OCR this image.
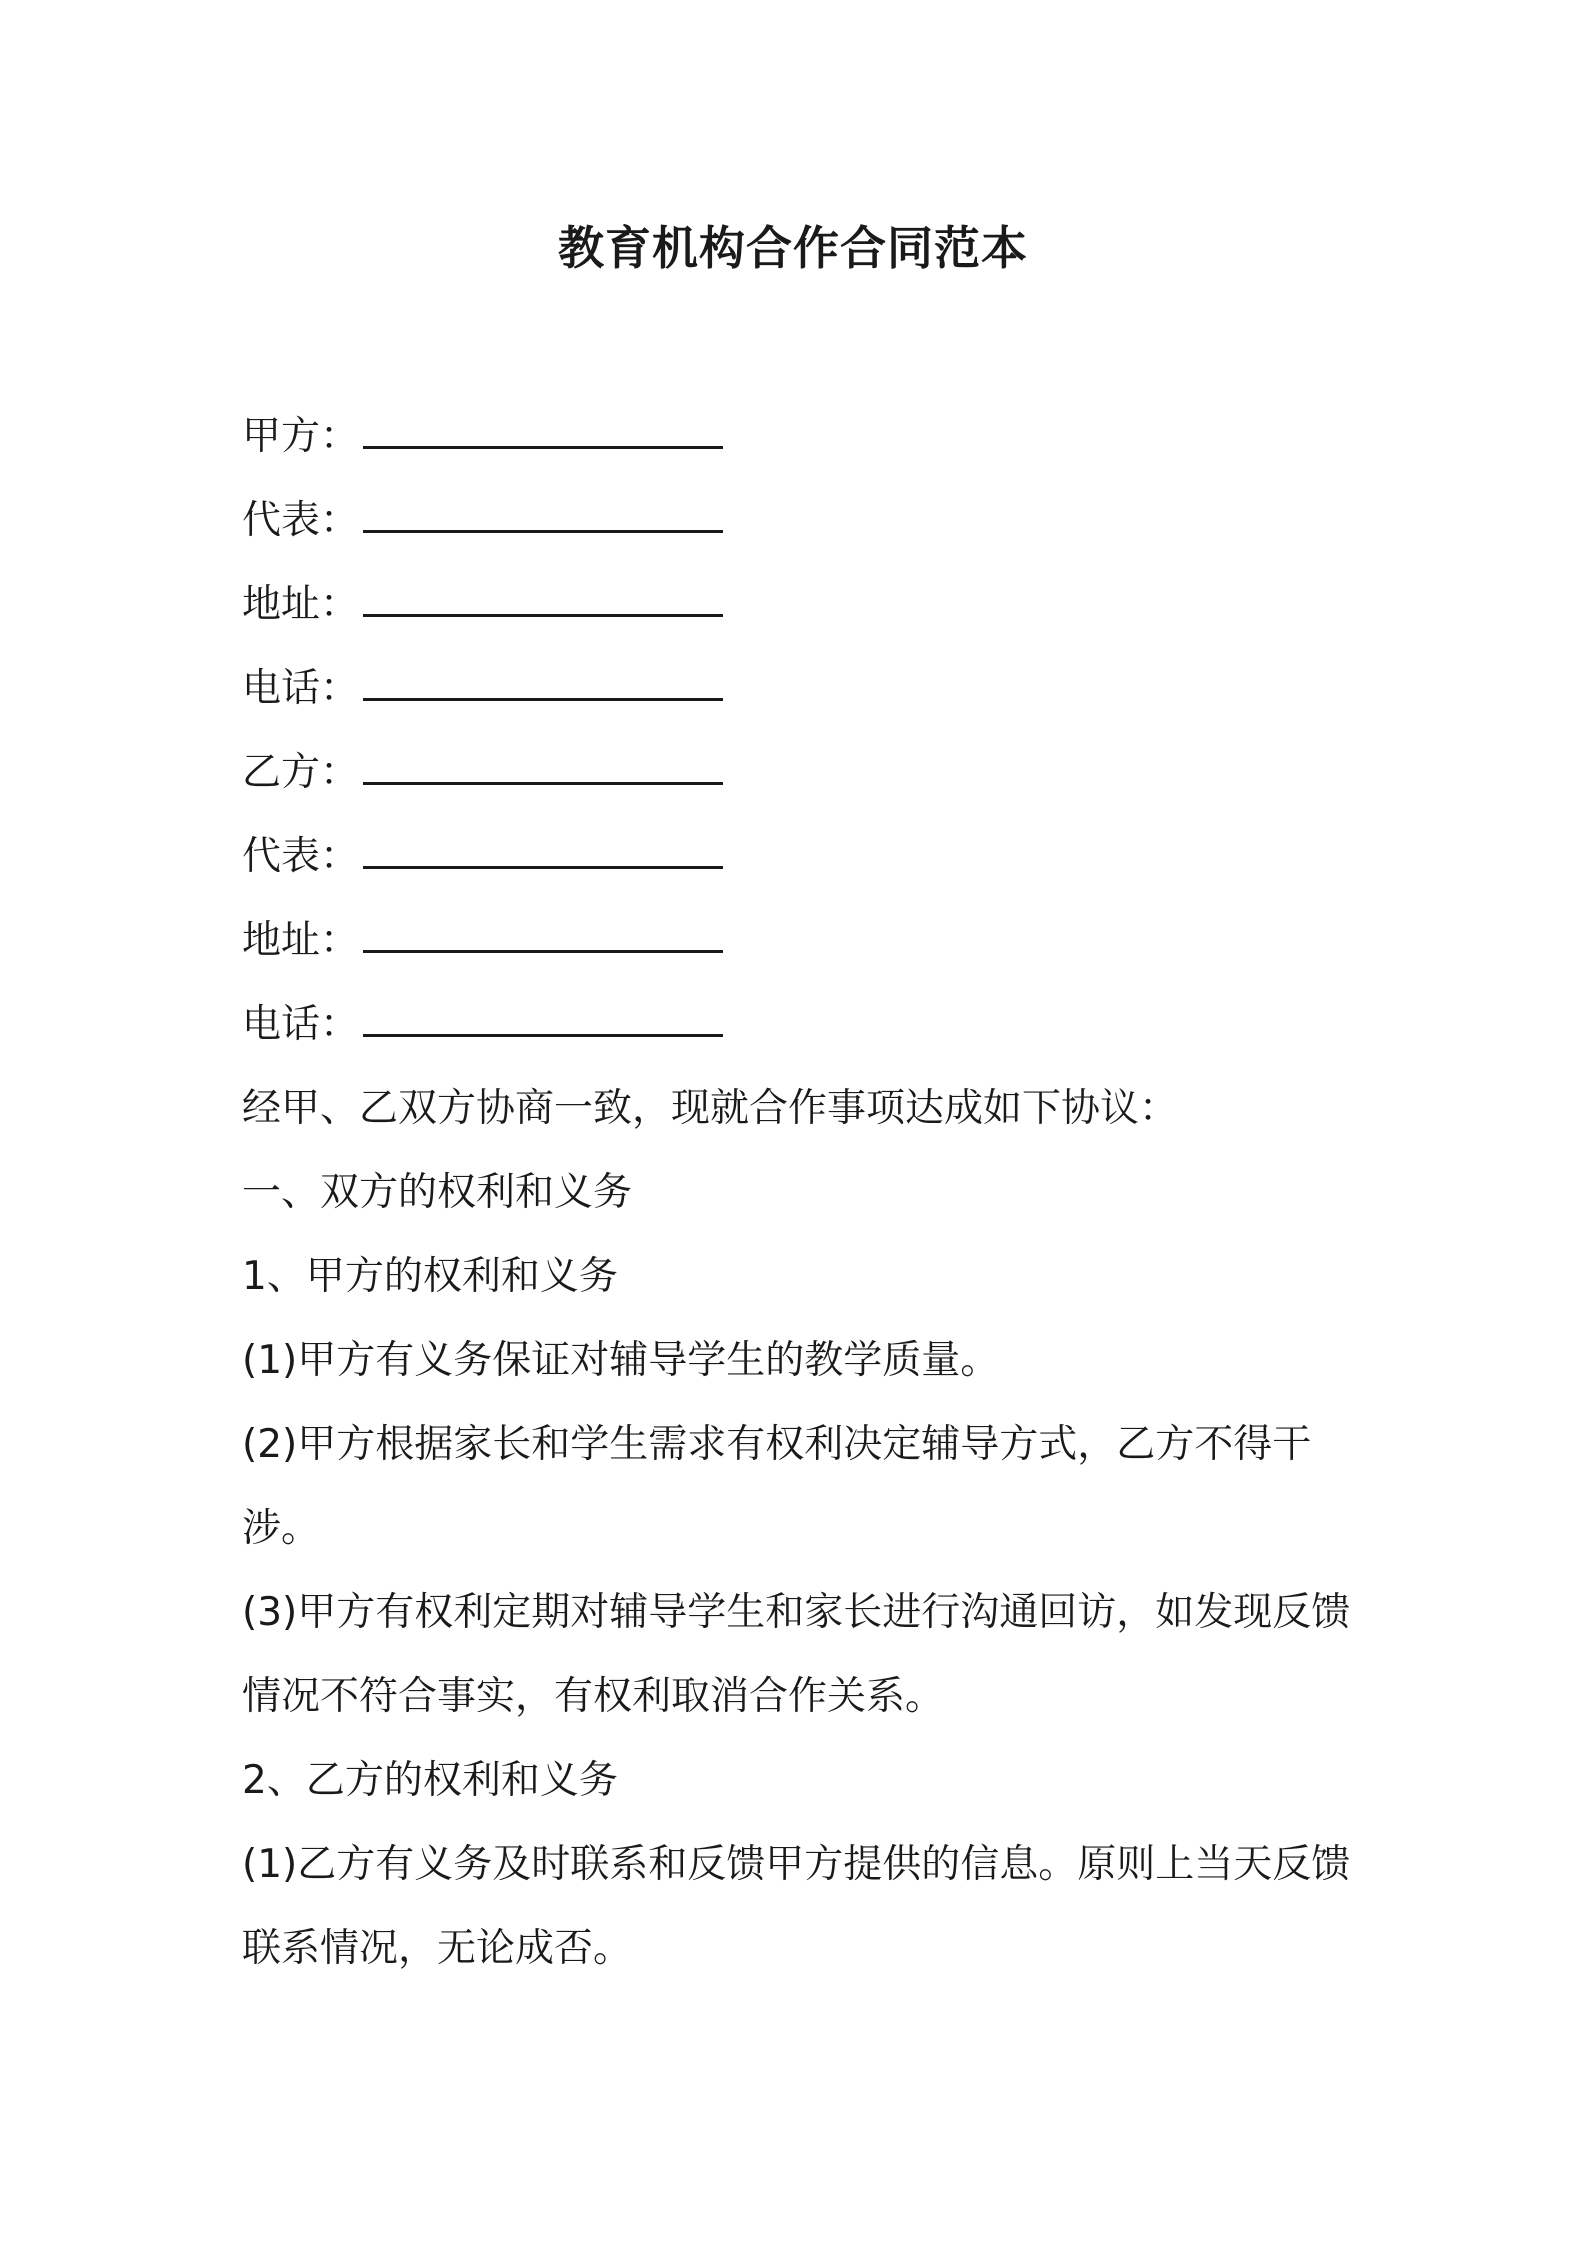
教育机构合作合同范本
甲方：
代表：
地址：
电话：
乙方：
代表：
地址：
电话：

经甲、乙双方协商一致，现就合作事项达成如下协议：

一、双方的权利和义务

1、甲方的权利和义务

(1)甲方有义务保证对辅导学生的教学质量。

(2)甲方根据家长和学生需求有权利决定辅导方式，乙方不得干涉。

(3)甲方有权利定期对辅导学生和家长进行沟通回访，如发现反馈情况不符合事实，有权利取消合作关系。

2、乙方的权利和义务

(1)乙方有义务及时联系和反馈甲方提供的信息。原则上当天反馈联系情况，无论成否。
